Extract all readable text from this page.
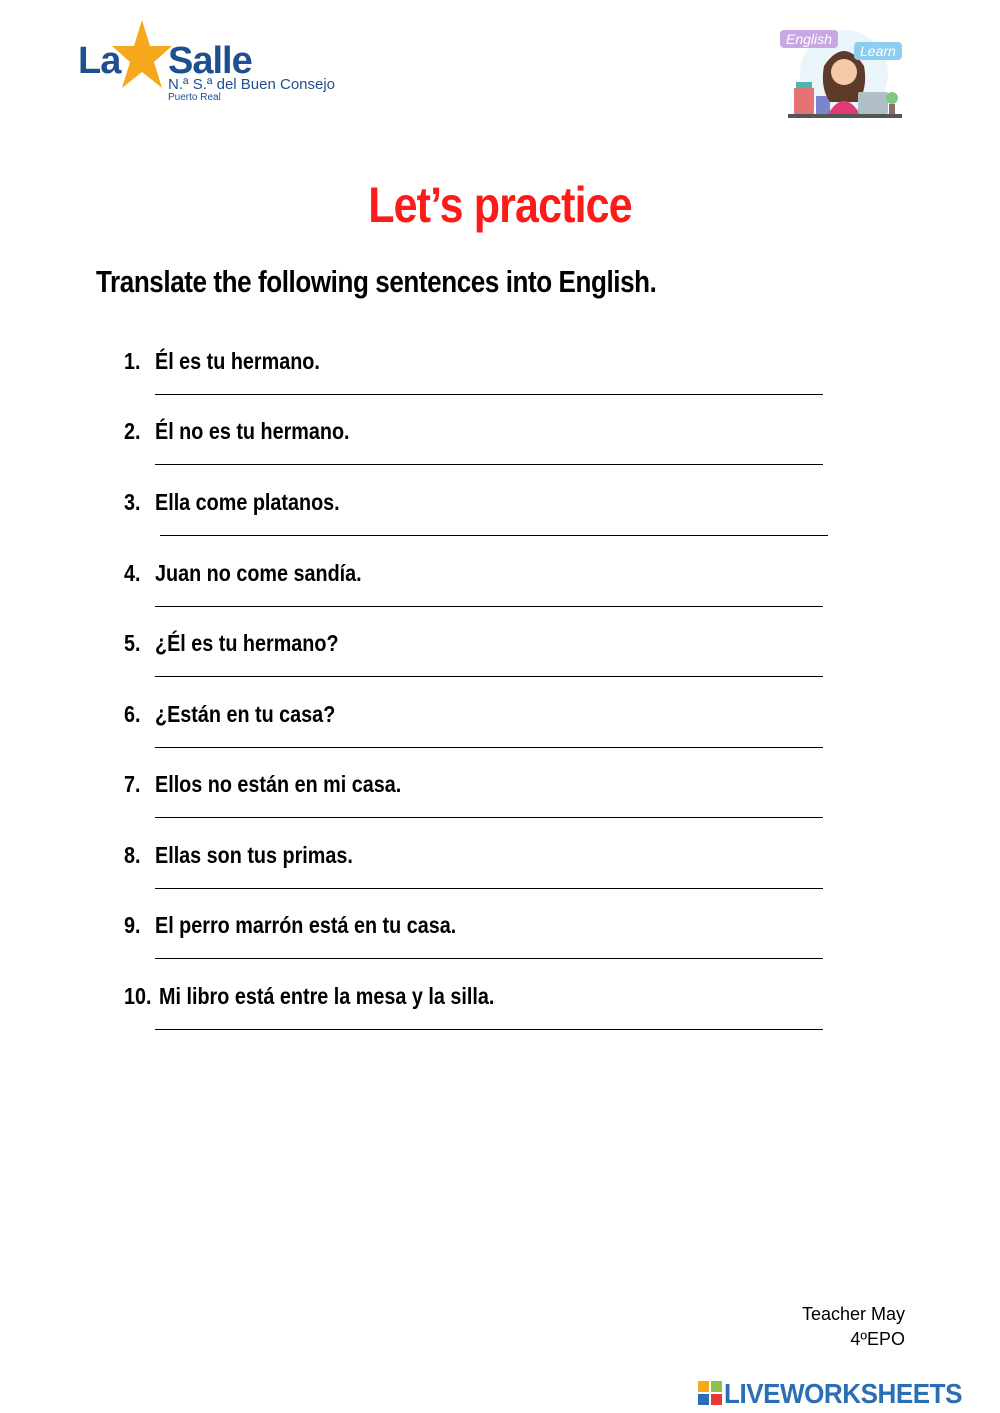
La Salle
N.ª S.ª del Buen Consejo
Puerto Real
English
Learn
Let’s practice
Translate the following sentences into English.
1. Él es tu hermano.
2. Él no es tu hermano.
3. Ella come platanos.
4. Juan no come sandía.
5. ¿Él es tu hermano?
6. ¿Están en tu casa?
7. Ellos no están en mi casa.
8. Ellas son tus primas.
9. El perro marrón está en tu casa.
10. Mi libro está entre la mesa y la silla.
Teacher May
4ºEPO
LIVEWORKSHEETS
